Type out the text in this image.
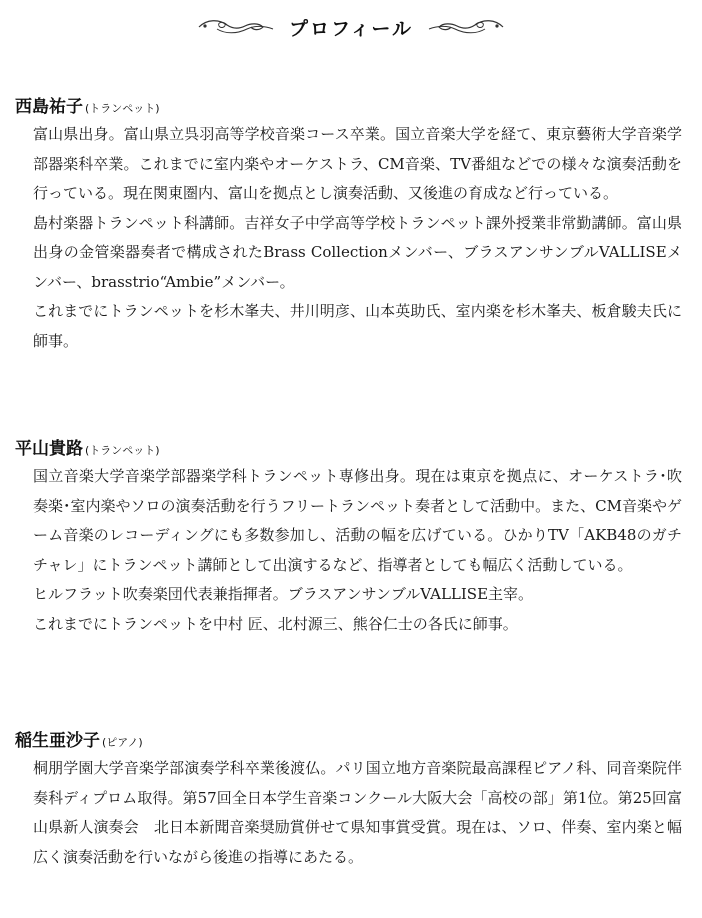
プロフィール
西島祐子 (トランペット)

富山県出身。富山県立呉羽高等学校音楽コース卒業。国立音楽大学を経て、東京藝術大学音楽学部器楽科卒業。これまでに室内楽やオーケストラ、CM音楽、TV番組などでの様々な演奏活動を行っている。現在関東圏内、富山を拠点とし演奏活動、又後進の育成など行っている。

島村楽器トランペット科講師。吉祥女子中学高等学校トランペット課外授業非常勤講師。富山県出身の金管楽器奏者で構成されたBrass Collectionメンバー、ブラスアンサンブルVALLISEメンバー、brasstrio“Ambie”メンバー。

これまでにトランペットを杉木峯夫、井川明彦、山本英助氏、室内楽を杉木峯夫、板倉駿夫氏に師事。

平山貴路 (トランペット)

国立音楽大学音楽学部器楽学科トランペット専修出身。現在は東京を拠点に、オーケストラ･吹奏楽･室内楽やソロの演奏活動を行うフリートランペット奏者として活動中。また、CM音楽やゲーム音楽のレコーディングにも多数参加し、活動の幅を広げている。ひかりTV「AKB48のガチチャレ」にトランペット講師として出演するなど、指導者としても幅広く活動している。

ヒルフラット吹奏楽団代表兼指揮者。ブラスアンサンブルVALLISE主宰。

これまでにトランペットを中村 匠、北村源三、熊谷仁士の各氏に師事。

稲生亜沙子 (ピアノ)

桐朋学園大学音楽学部演奏学科卒業後渡仏。パリ国立地方音楽院最高課程ピアノ科、同音楽院伴奏科ディプロム取得。第57回全日本学生音楽コンクール大阪大会「高校の部」第1位。第25回富山県新人演奏会　北日本新聞音楽奨励賞併せて県知事賞受賞。現在は、ソロ、伴奏、室内楽と幅広く演奏活動を行いながら後進の指導にあたる。
